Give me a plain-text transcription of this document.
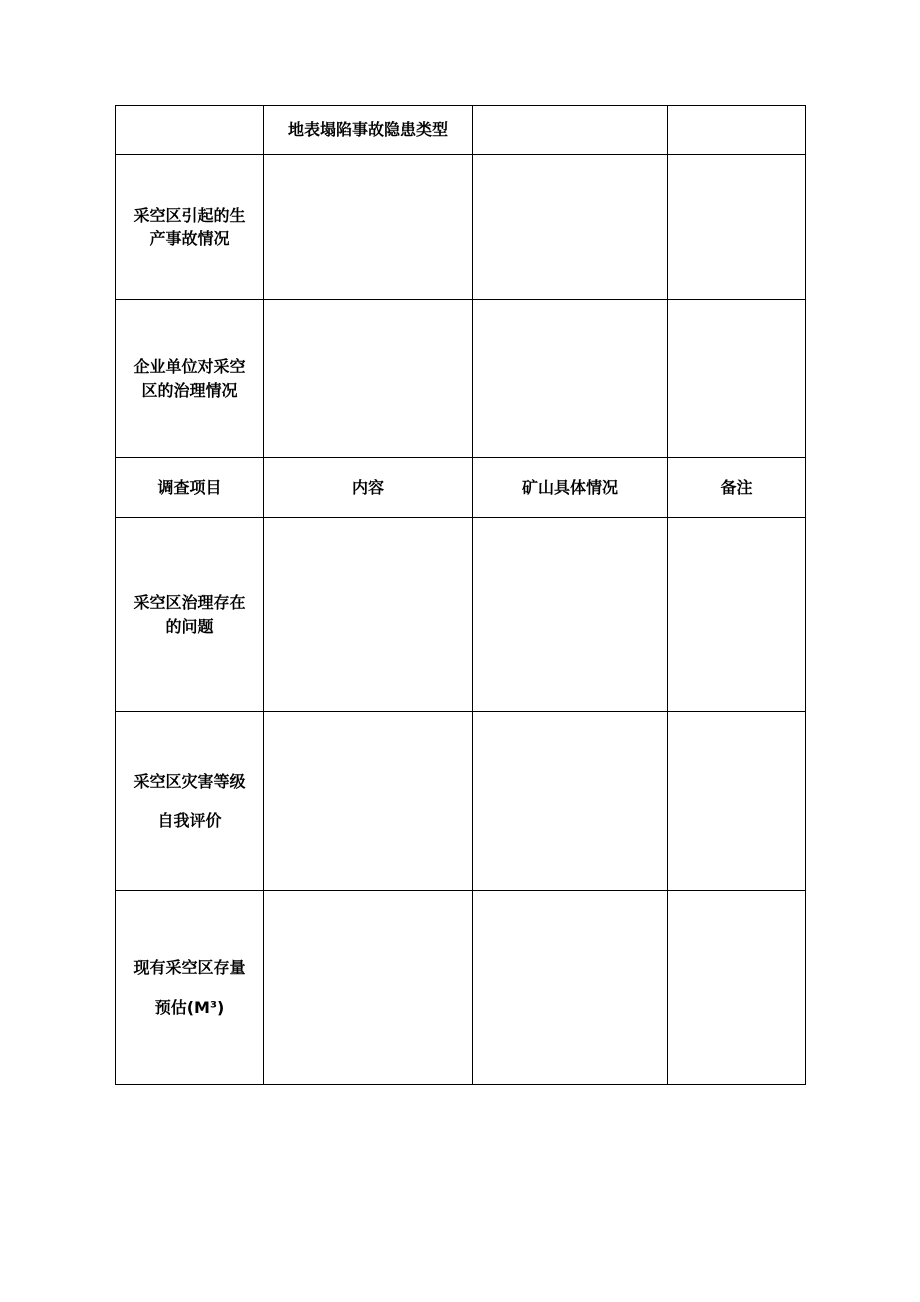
	地表塌陷事故隐患类型		

采空区引起的生
产事故情况			

企业单位对采空
区的治理情况			

调查项目	内容	矿山具体情况	备注

采空区治理存在
的问题			

采空区灾害等级
自我评价			

现有采空区存量
预估(M³)			
